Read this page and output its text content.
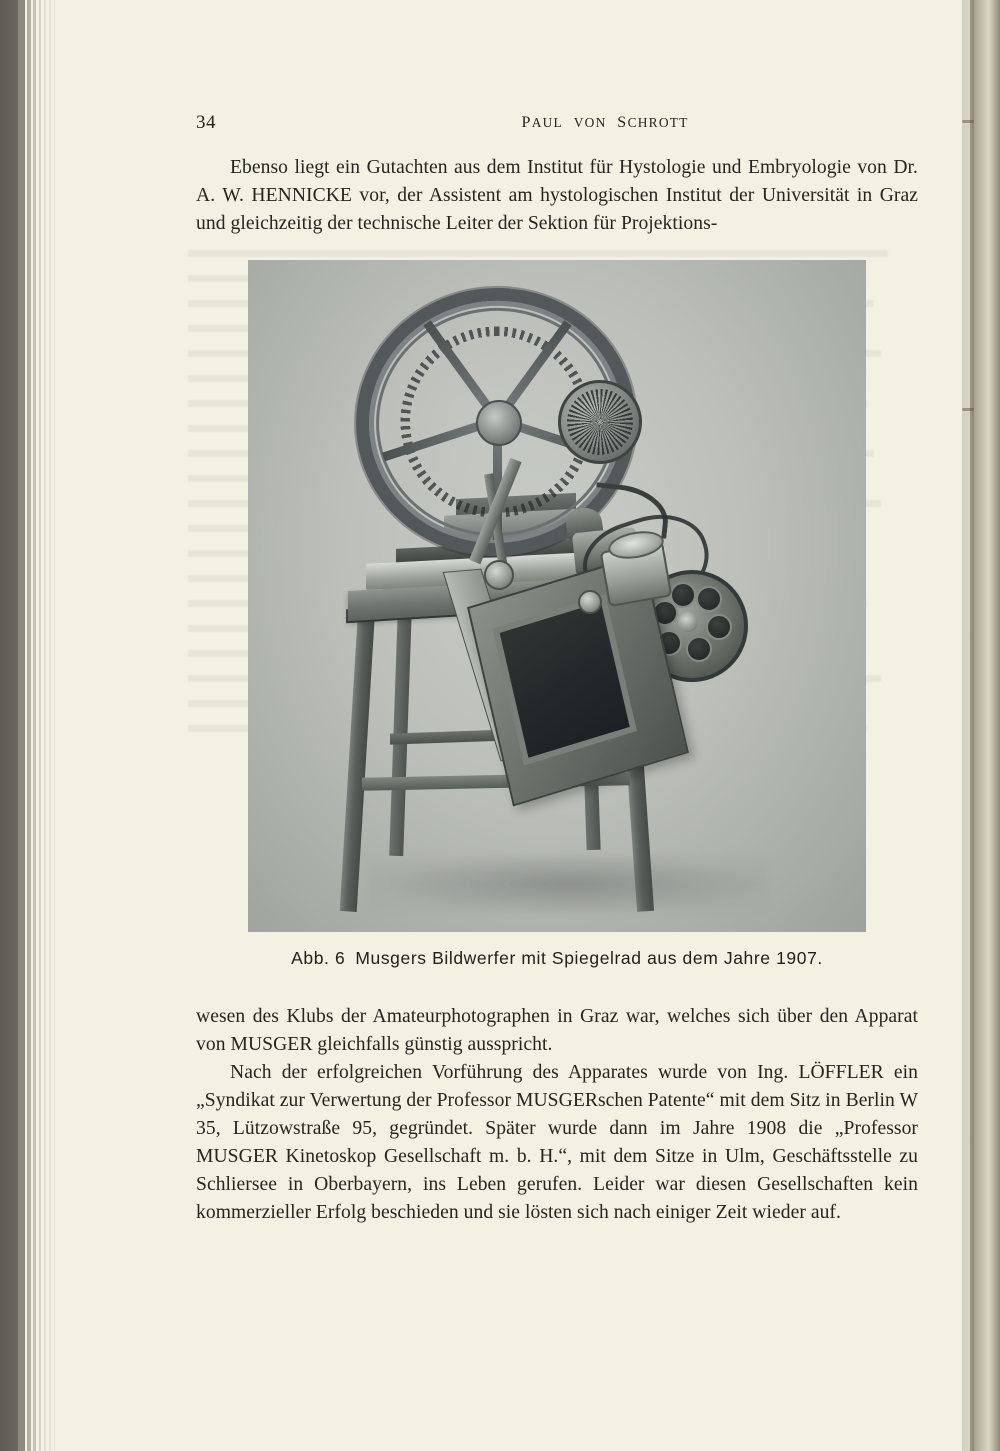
34	PAUL VON  SCHROTT

Ebenso liegt ein Gutachten aus dem Institut für Hystologie und Embryologie von Dr. A. W. HENNICKE vor, der Assistent am hystologischen Institut der Universität in Graz und gleichzeitig der technische Leiter der Sektion für Projektions-

Abb. 6 Musgers Bildwerfer mit Spiegelrad aus dem Jahre 1907.

wesen des Klubs der Amateurphotographen in Graz war, welches sich über den Apparat von MUSGER gleichfalls günstig ausspricht.

Nach der erfolgreichen Vorführung des Apparates wurde von Ing. LÖFFLER ein „Syndikat zur Verwertung der Professor MUSGERschen Patente“ mit dem Sitz in Berlin W 35, Lützowstraße 95, gegründet. Später wurde dann im Jahre 1908 die „Professor MUSGER Kinetoskop Gesellschaft m. b. H.“, mit dem Sitze in Ulm, Geschäftsstelle zu Schliersee in Oberbayern, ins Leben gerufen. Leider war diesen Gesellschaften kein kommerzieller Erfolg beschieden und sie lösten sich nach einiger Zeit wieder auf.
